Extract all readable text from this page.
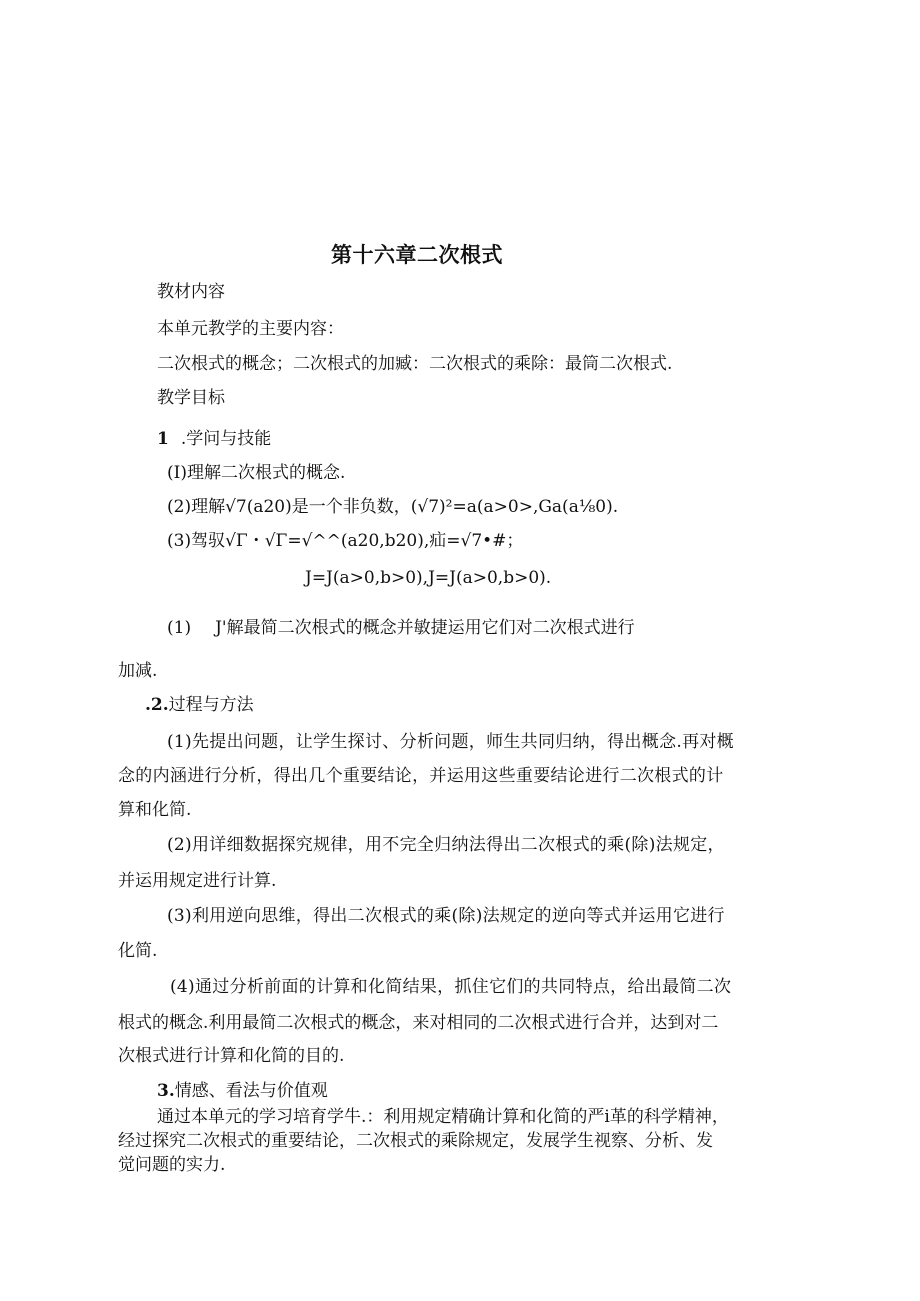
第十六章二次根式
教材内容
本单元教学的主要内容：
二次根式的概念；二次根式的加臧：二次根式的乘除：最筒二次根式.
教学目标
1 .学问与技能
(I)理解二次根式的概念.
(2)理解√7(a20)是一个非负数，(√7)²=a(a>0>,Ga(a⅛0).
(3)驾驭√Γ・√Γ=√^^(a20,b20),疝=√7•#；
J=J(a>0,b>0),J=J(a>0,b>0).
(1) J'解最简二次根式的概念并敏捷运用它们对二次根式进行
加减.
.2.过程与方法
(1)先提出问题，让学生探讨、分析问题，师生共同归纳，得出概念.再对概
念的内涵进行分析，得出几个重要结论，并运用这些重要结论进行二次根式的计
算和化简.
(2)用详细数据探究规律，用不完全归纳法得出二次根式的乘(除)法规定，
并运用规定进行计算.
(3)利用逆向思维，得出二次根式的乘(除)法规定的逆向等式并运用它进行
化简.
(4)通过分析前面的计算和化简结果，抓住它们的共同特点，给出最简二次
根式的概念.利用最简二次根式的概念，来对相同的二次根式进行合并，达到对二
次根式进行计算和化简的目的.
3.情感、看法与价值观
通过本单元的学习培育学牛.：利用规定精确计算和化简的严i革的科学精神，
经过探究二次根式的重要结论，二次根式的乘除规定，发展学生视察、分析、发
觉问题的实力.
